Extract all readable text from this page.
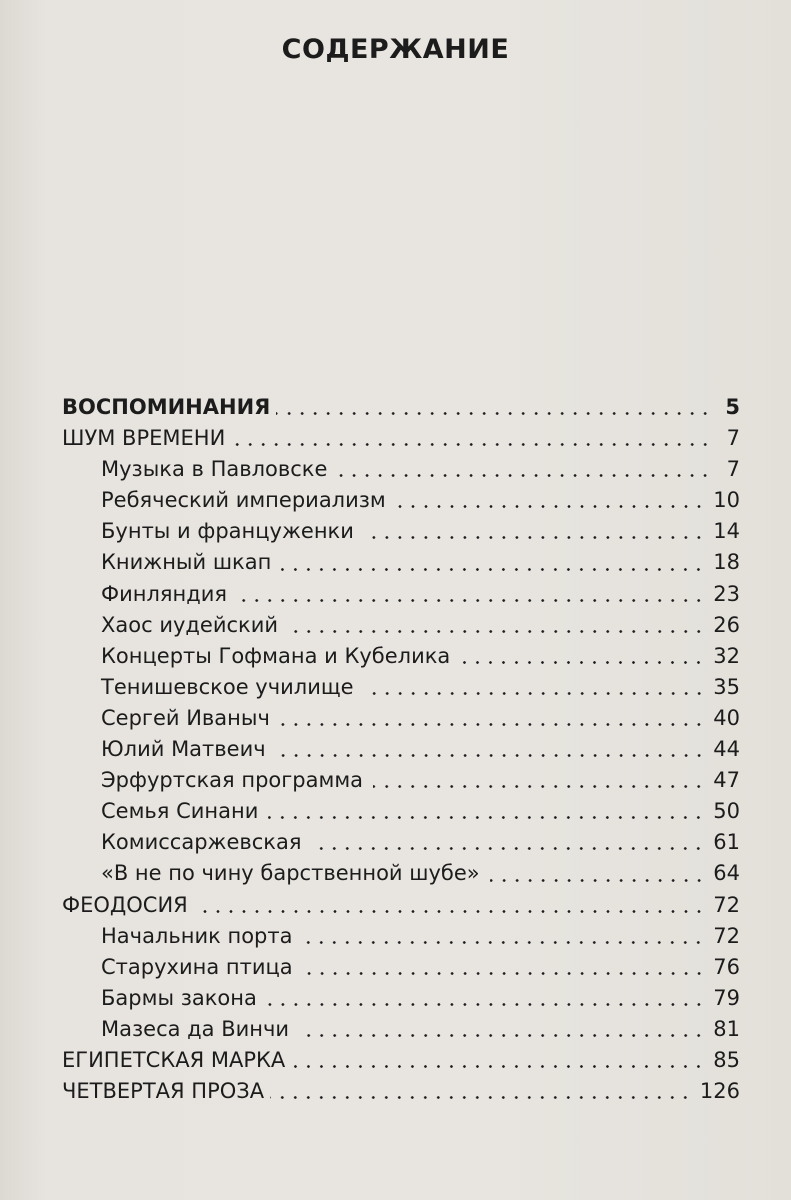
СОДЕРЖАНИЕ
ВОСПОМИНАНИЯ	5
ШУМ ВРЕМЕНИ	7
Музыка в Павловске	7
Ребяческий империализм	10
Бунты и француженки	14
Книжный шкап	18
Финляндия	23
Хаос иудейский	26
Концерты Гофмана и Кубелика	32
Тенишевское училище	35
Сергей Иваныч	40
Юлий Матвеич	44
Эрфуртская программа	47
Семья Синани	50
Комиссаржевская	61
«В не по чину барственной шубе»	64
ФЕОДОСИЯ	72
Начальник порта	72
Старухина птица	76
Бармы закона	79
Мазеса да Винчи	81
ЕГИПЕТСКАЯ МАРКА	85
ЧЕТВЕРТАЯ ПРОЗА	126
